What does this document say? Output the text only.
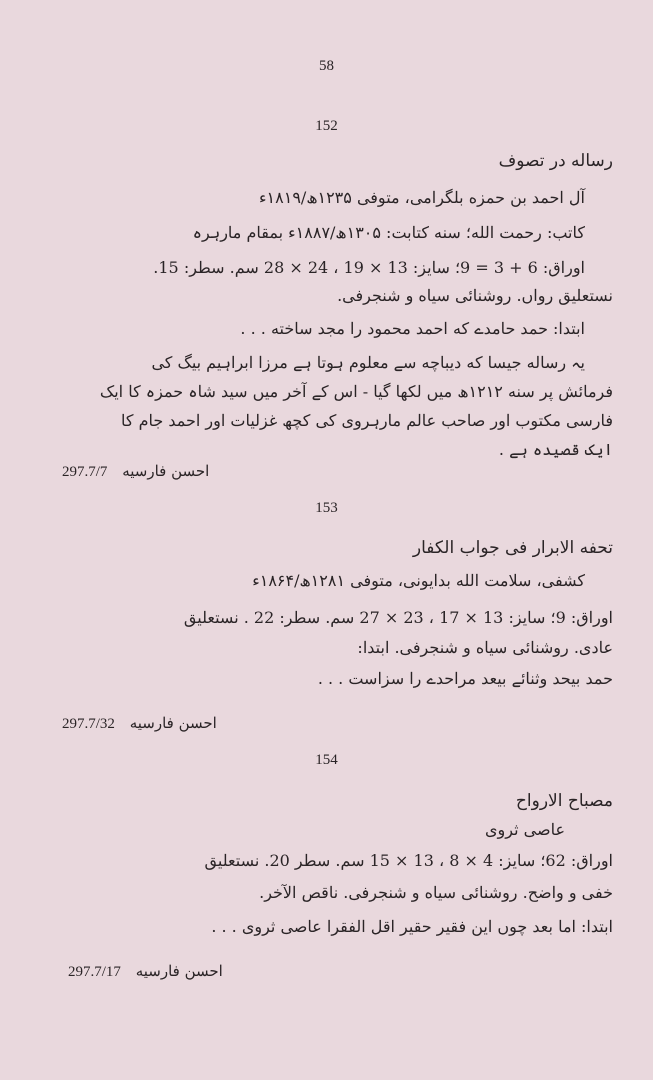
58
152
رساله در تصوف
آل احمد بن حمزه بلگرامی، متوفی ۱۲۳۵ھ/۱۸۱۹ء
کاتب: رحمت الله؛ سنه کتابت: ۱۳۰۵ھ/۱۸۸۷ء بمقام مارہرہ
اوراق: 6 + 3 = 9؛ سایز: 13 × 19 ، 24 × 28 سم. سطر: 15.
نستعلیق رواں. روشنائی سیاه و شنجرفی.
ابتدا: حمد حامدے که احمد محمود را مجد ساخته . . .
یہ رساله جیسا که دیباچه سے معلوم ہوتا ہے مرزا ابراہیم بیگ کی
فرمائش پر سنه ۱۲۱۲ھ میں لکھا گیا - اس کے آخر میں سید شاہ حمزہ کا ایک
فارسی مکتوب اور صاحب عالم مارہروی کی کچھ غزلیات اور احمد جام کا
ایک قصیدہ ہے .
297.7/7 احسن فارسیه
153
تحفه الابرار فی جواب الکفار
کشفی، سلامت الله بدایونی، متوفی ۱۲۸۱ھ/۱۸۶۴ء
اوراق: 9؛ سایز: 13 × 17 ، 23 × 27 سم. سطر: 22 . نستعلیق
عادی. روشنائی سیاه و شنجرفی. ابتدا:
حمد بیحد وثنائے بیعد مراحدے را سزاست . . .
297.7/32 احسن فارسیه
154
مصباح الارواح
عاصی ثروی
اوراق: 62؛ سایز: 4 × 8 ، 13 × 15 سم. سطر 20. نستعلیق
خفی و واضح. روشنائی سیاه و شنجرفی. ناقص الآخر.
ابتدا: اما بعد چوں این فقیر حقیر اقل الفقرا عاصی ثروی . . .
297.7/17 احسن فارسیه
